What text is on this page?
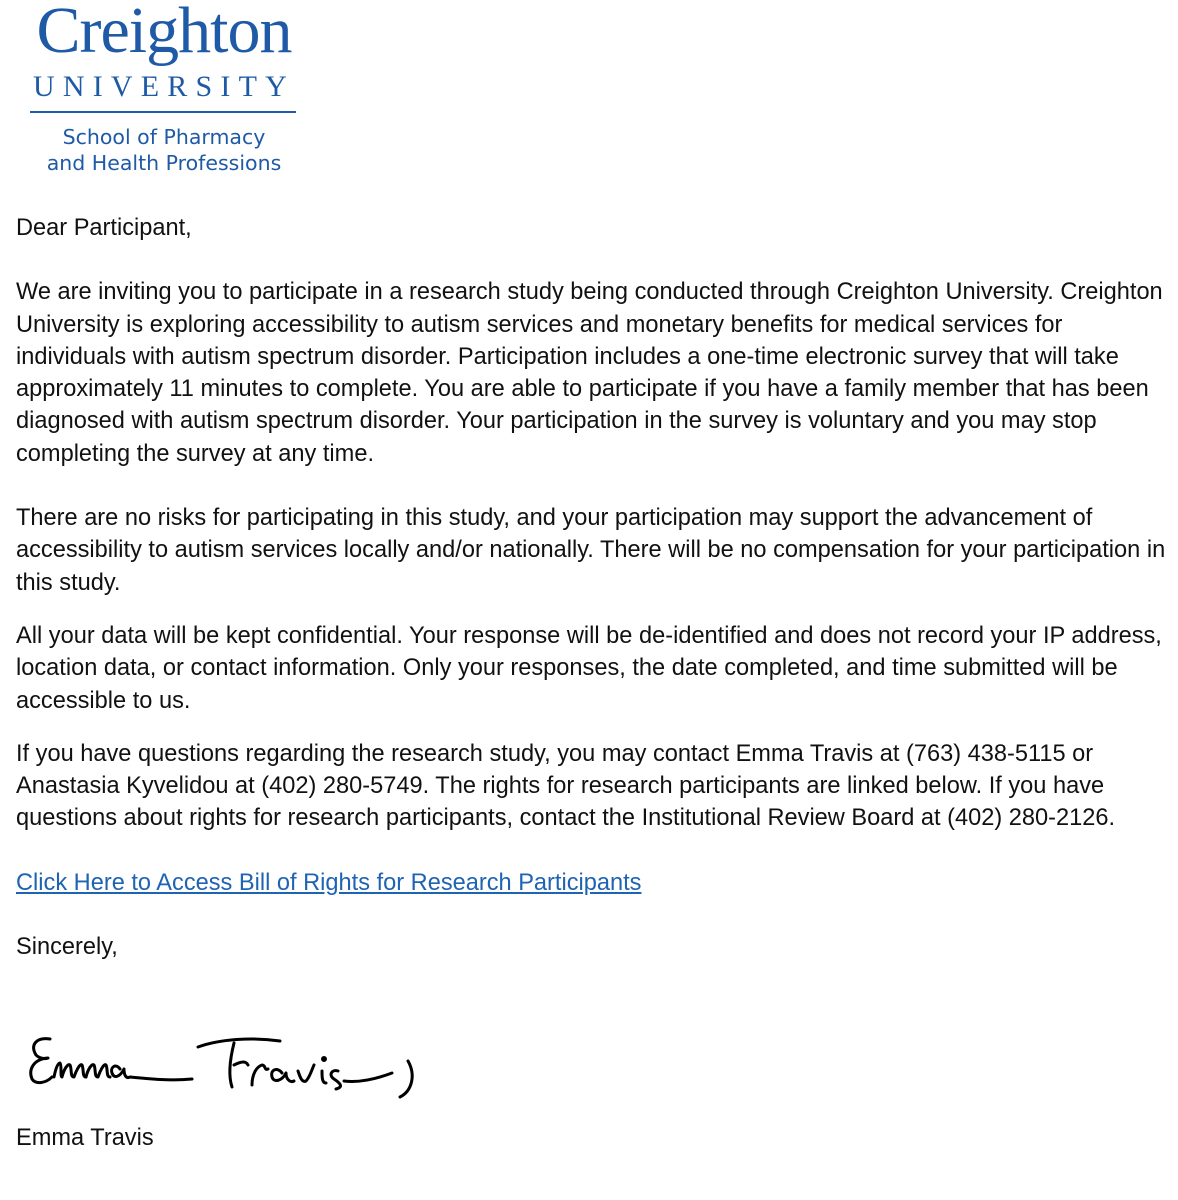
Creighton
UNIVERSITY
School of Pharmacy
and Health Professions

Dear Participant,

We are inviting you to participate in a research study being conducted through Creighton University. Creighton University is exploring accessibility to autism services and monetary benefits for medical services for individuals with autism spectrum disorder. Participation includes a one-time electronic survey that will take approximately 11 minutes to complete. You are able to participate if you have a family member that has been diagnosed with autism spectrum disorder. Your participation in the survey is voluntary and you may stop completing the survey at any time.

There are no risks for participating in this study, and your participation may support the advancement of accessibility to autism services locally and/or nationally. There will be no compensation for your participation in this study.

All your data will be kept confidential. Your response will be de-identified and does not record your IP address, location data, or contact information. Only your responses, the date completed, and time submitted will be accessible to us.

If you have questions regarding the research study, you may contact Emma Travis at (763) 438-5115 or Anastasia Kyvelidou at (402) 280-5749. The rights for research participants are linked below. If you have questions about rights for research participants, contact the Institutional Review Board at (402) 280-2126.

Click Here to Access Bill of Rights for Research Participants

Sincerely,

Emma Travis
